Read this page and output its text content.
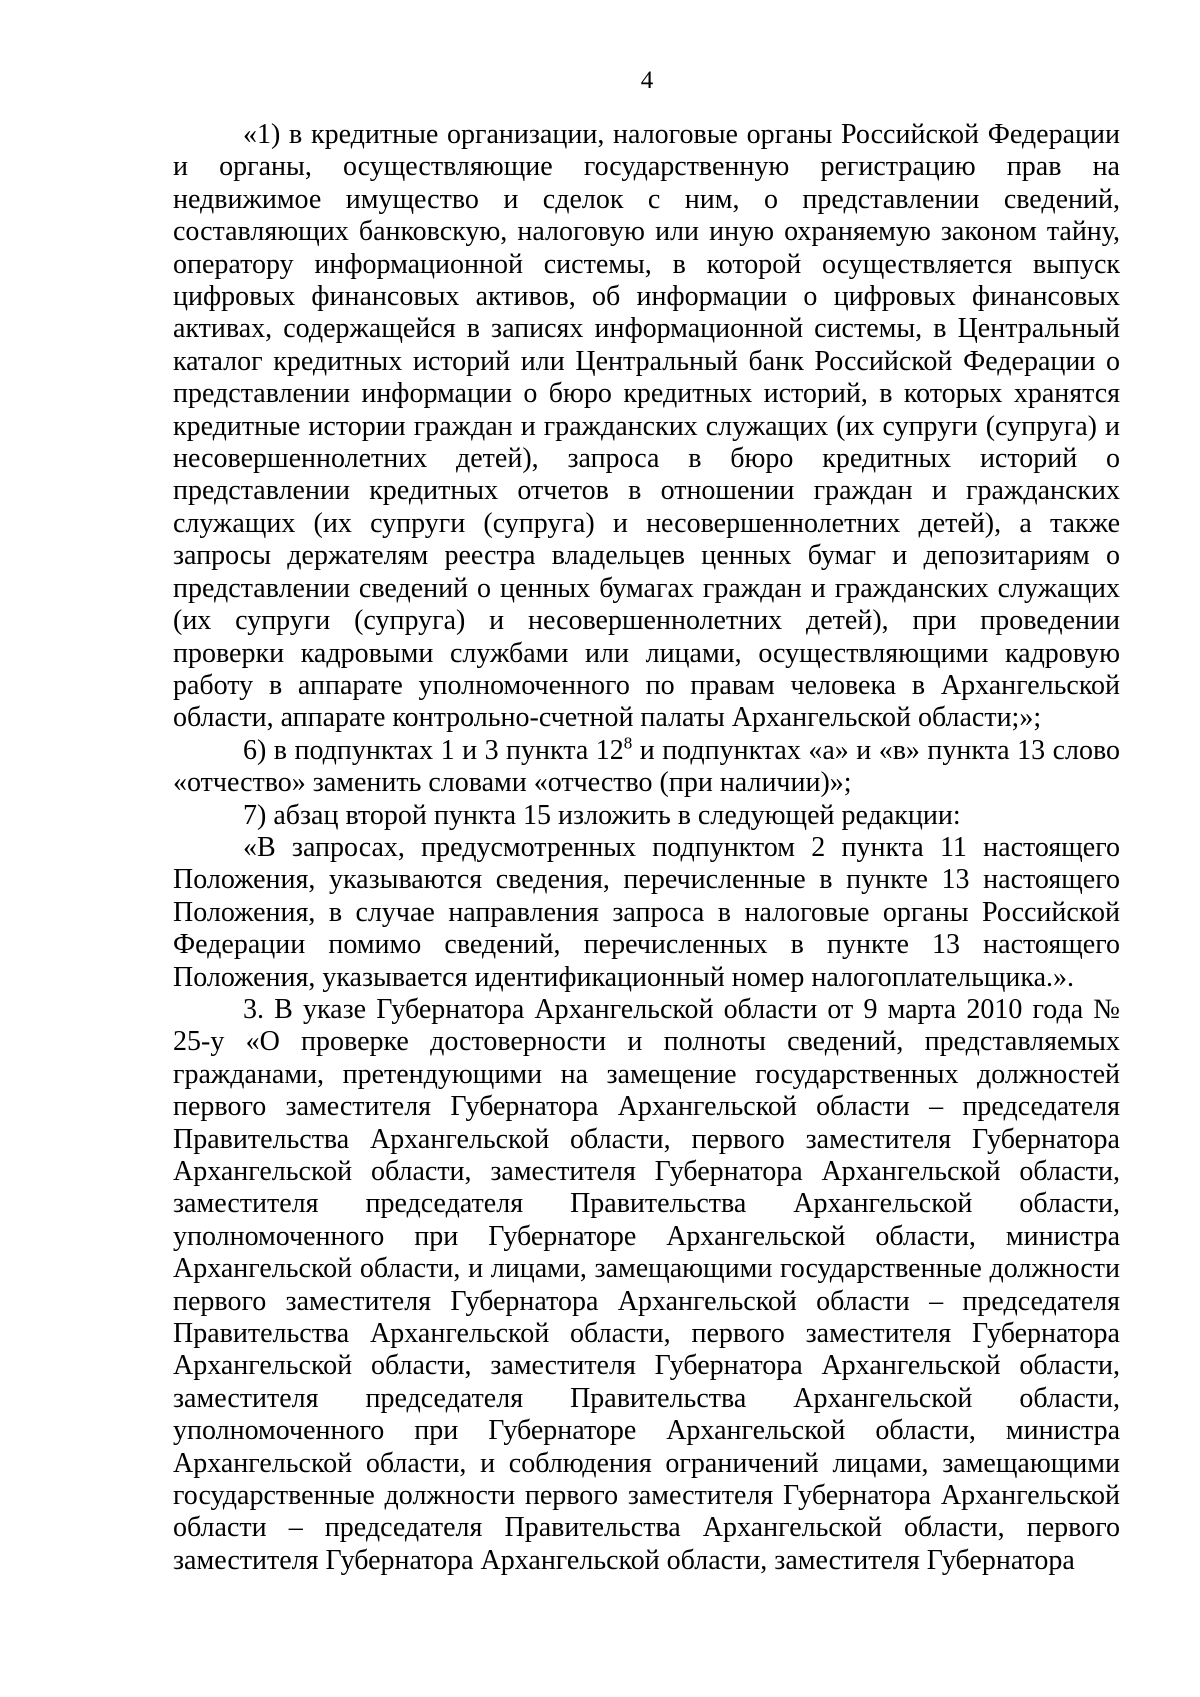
4

«1) в кредитные организации, налоговые органы Российской Федерации и органы, осуществляющие государственную регистрацию прав на недвижимое имущество и сделок с ним, о представлении сведений, составляющих банковскую, налоговую или иную охраняемую законом тайну, оператору информационной системы, в которой осуществляется выпуск цифровых финансовых активов, об информации о цифровых финансовых активах, содержащейся в записях информационной системы, в Центральный каталог кредитных историй или Центральный банк Российской Федерации о представлении информации о бюро кредитных историй, в которых хранятся кредитные истории граждан и гражданских служащих (их супруги (супруга) и несовершеннолетних детей), запроса в бюро кредитных историй о представлении кредитных отчетов в отношении граждан и гражданских служащих (их супруги (супруга) и несовершеннолетних детей), а также запросы держателям реестра владельцев ценных бумаг и депозитариям о представлении сведений о ценных бумагах граждан и гражданских служащих (их супруги (супруга) и несовершеннолетних детей), при проведении проверки кадровыми службами или лицами, осуществляющими кадровую работу в аппарате уполномоченного по правам человека в Архангельской области, аппарате контрольно-счетной палаты Архангельской области;»;

6) в подпунктах 1 и 3 пункта $12^8$ и подпунктах «а» и «в» пункта 13 слово «отчество» заменить словами «отчество (при наличии)»;

7) абзац второй пункта 15 изложить в следующей редакции:

«В запросах, предусмотренных подпунктом 2 пункта 11 настоящего Положения, указываются сведения, перечисленные в пункте 13 настоящего Положения, в случае направления запроса в налоговые органы Российской Федерации помимо сведений, перечисленных в пункте 13 настоящего Положения, указывается идентификационный номер налогоплательщика.».

3. В указе Губернатора Архангельской области от 9 марта 2010 года № 25-у «О проверке достоверности и полноты сведений, представляемых гражданами, претендующими на замещение государственных должностей первого заместителя Губернатора Архангельской области – председателя Правительства Архангельской области, первого заместителя Губернатора Архангельской области, заместителя Губернатора Архангельской области, заместителя председателя Правительства Архангельской области, уполномоченного при Губернаторе Архангельской области, министра Архангельской области, и лицами, замещающими государственные должности первого заместителя Губернатора Архангельской области – председателя Правительства Архангельской области, первого заместителя Губернатора Архангельской области, заместителя Губернатора Архангельской области, заместителя председателя Правительства Архангельской области, уполномоченного при Губернаторе Архангельской области, министра Архангельской области, и соблюдения ограничений лицами, замещающими государственные должности первого заместителя Губернатора Архангельской области – председателя Правительства Архангельской области, первого заместителя Губернатора Архангельской области, заместителя Губернатора
